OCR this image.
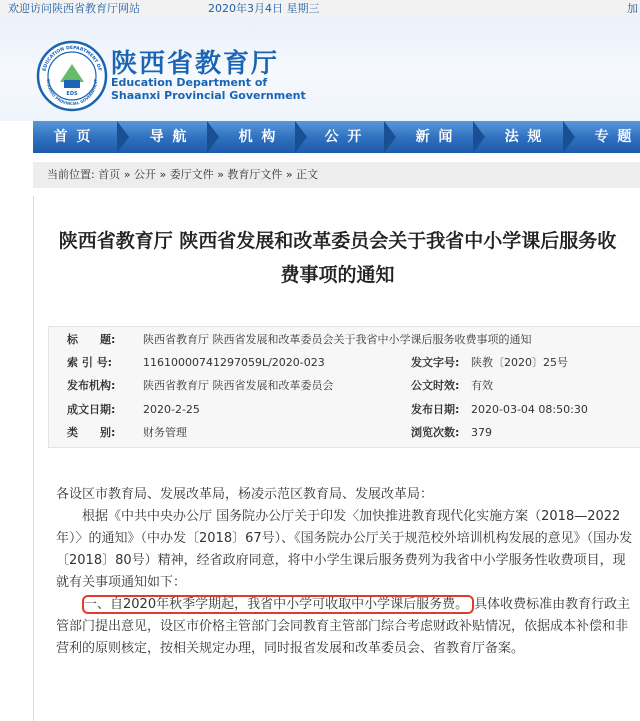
欢迎访问陕西省教育厅网站	2020年3月4日 星期三	加
EDUCATION DEPARTMENT OF
SHAANXI PROVINCIAL GOVERNMENT
EDS
陕西省教育厅
Education Department of
Shaanxi Provincial Government
首 页	导 航	机 构	公 开	新 闻	法 规	专 题
当前位置: 首页 » 公开 » 委厅文件 » 教育厅文件 » 正文
陕西省教育厅 陕西省发展和改革委员会关于我省中小学课后服务收
费事项的通知
标　　题:	陕西省教育厅 陕西省发展和改革委员会关于我省中小学课后服务收费事项的通知
索 引 号:	11610000741297059L/2020-023	发文字号: 陕教〔2020〕25号
发布机构:	陕西省教育厅 陕西省发展和改革委员会	公文时效: 有效
成文日期:	2020-2-25	发布日期: 2020-03-04 08:50:30
类　　别:	财务管理	浏览次数: 379

各设区市教育局、发展改革局，杨凌示范区教育局、发展改革局：

根据《中共中央办公厅 国务院办公厅关于印发〈加快推进教育现代化实施方案（2018—2022年）〉的通知》（中办发〔2018〕67号）、《国务院办公厅关于规范校外培训机构发展的意见》（国办发〔2018〕80号）精神，经省政府同意，将中小学生课后服务费列为我省中小学服务性收费项目，现就有关事项通知如下：

一、自2020年秋季学期起，我省中小学可收取中小学课后服务费。 具体收费标准由教育行政主管部门提出意见，设区市价格主管部门会同教育主管部门综合考虑财政补贴情况，依据成本补偿和非营利的原则核定，按相关规定办理，同时报省发展和改革委员会、省教育厅备案。
